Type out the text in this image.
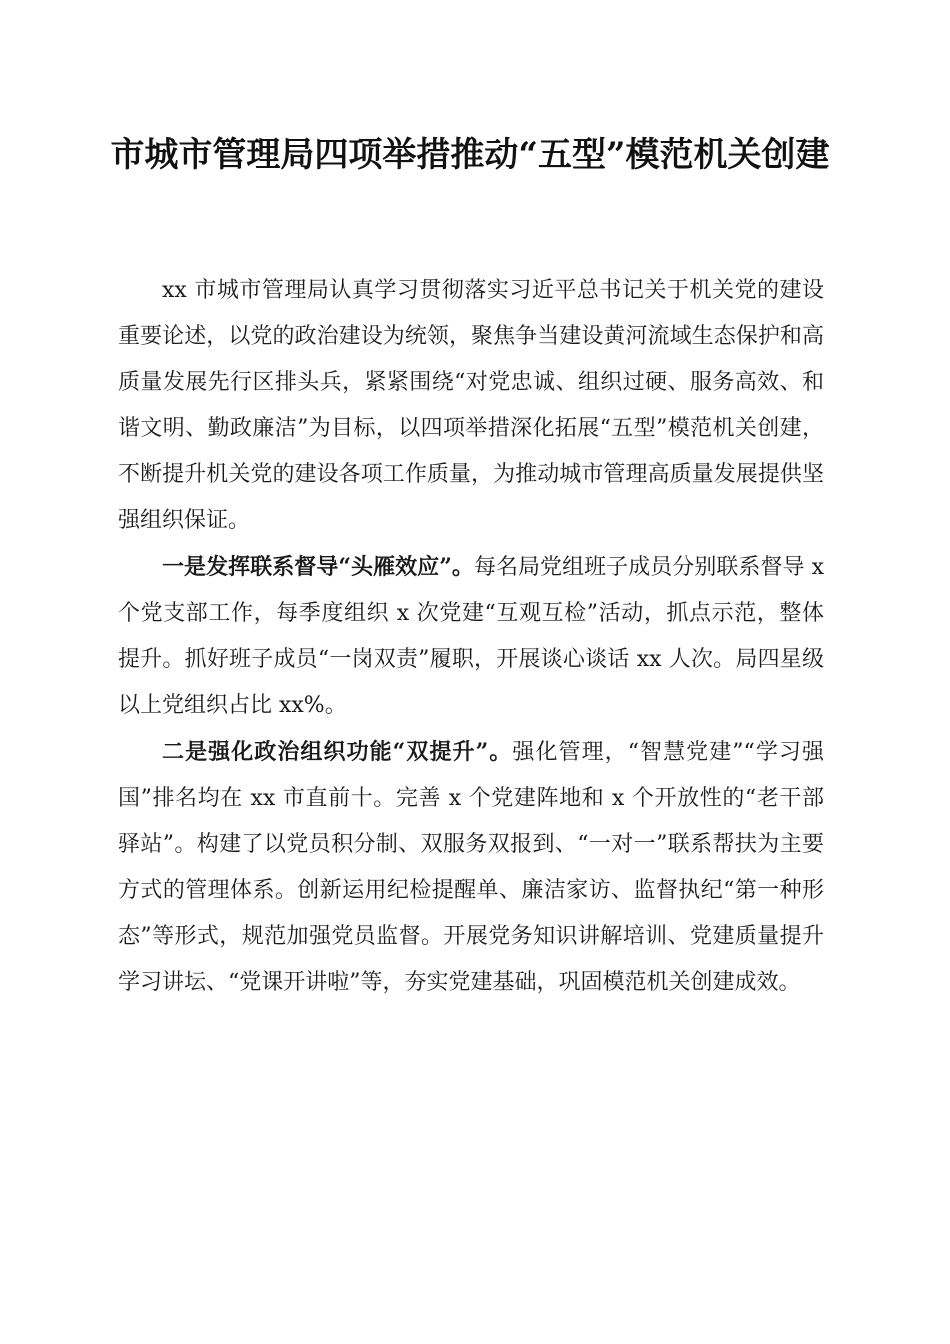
市城市管理局四项举措推动“五型”模范机关创建

xx 市城市管理局认真学习贯彻落实习近平总书记关于机关党的建设重要论述，以党的政治建设为统领，聚焦争当建设黄河流域生态保护和高质量发展先行区排头兵，紧紧围绕“对党忠诚、组织过硬、服务高效、和谐文明、勤政廉洁”为目标，以四项举措深化拓展“五型”模范机关创建，不断提升机关党的建设各项工作质量，为推动城市管理高质量发展提供坚强组织保证。

一是发挥联系督导“头雁效应”。每名局党组班子成员分别联系督导 x 个党支部工作，每季度组织 x 次党建“互观互检”活动，抓点示范，整体提升。抓好班子成员“一岗双责”履职，开展谈心谈话 xx 人次。局四星级以上党组织占比 xx%。

二是强化政治组织功能“双提升”。强化管理，“智慧党建”“学习强国”排名均在 xx 市直前十。完善 x 个党建阵地和 x 个开放性的“老干部驿站”。构建了以党员积分制、双服务双报到、“一对一”联系帮扶为主要方式的管理体系。创新运用纪检提醒单、廉洁家访、监督执纪“第一种形态”等形式，规范加强党员监督。开展党务知识讲解培训、党建质量提升学习讲坛、“党课开讲啦”等，夯实党建基础，巩固模范机关创建成效。
